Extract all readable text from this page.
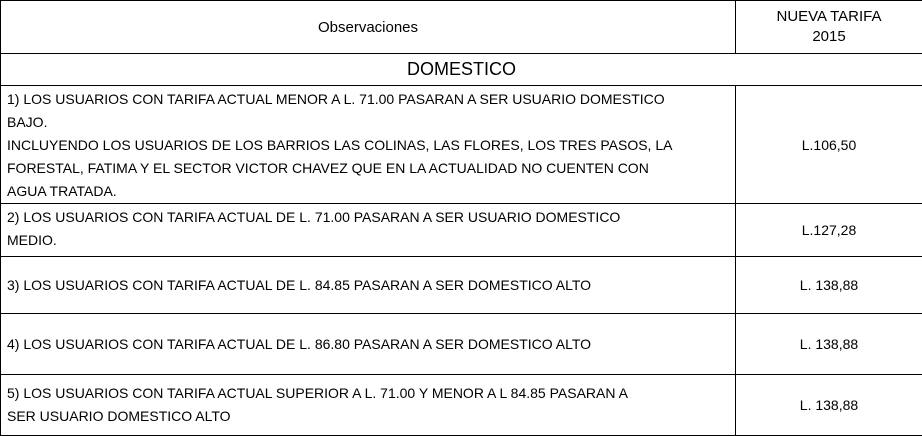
Observaciones	NUEVA TARIFA
2015

DOMESTICO	
1) LOS USUARIOS CON TARIFA ACTUAL MENOR A L. 71.00 PASARAN A SER USUARIO DOMESTICO
BAJO.
INCLUYENDO LOS USUARIOS DE LOS BARRIOS LAS COLINAS, LAS FLORES, LOS TRES PASOS, LA
FORESTAL, FATIMA Y EL SECTOR VICTOR CHAVEZ QUE EN LA ACTUALIDAD NO CUENTEN CON
AGUA TRATADA.	L.106,50
2) LOS USUARIOS CON TARIFA ACTUAL DE L. 71.00 PASARAN A SER USUARIO DOMESTICO
MEDIO.	L.127,28
3) LOS USUARIOS CON TARIFA ACTUAL DE L. 84.85 PASARAN A SER DOMESTICO ALTO	L. 138,88
4) LOS USUARIOS CON TARIFA ACTUAL DE L. 86.80 PASARAN A SER DOMESTICO ALTO	L. 138,88
5) LOS USUARIOS CON TARIFA ACTUAL SUPERIOR A L. 71.00 Y MENOR A L 84.85 PASARAN A
SER USUARIO DOMESTICO ALTO	L. 138,88
